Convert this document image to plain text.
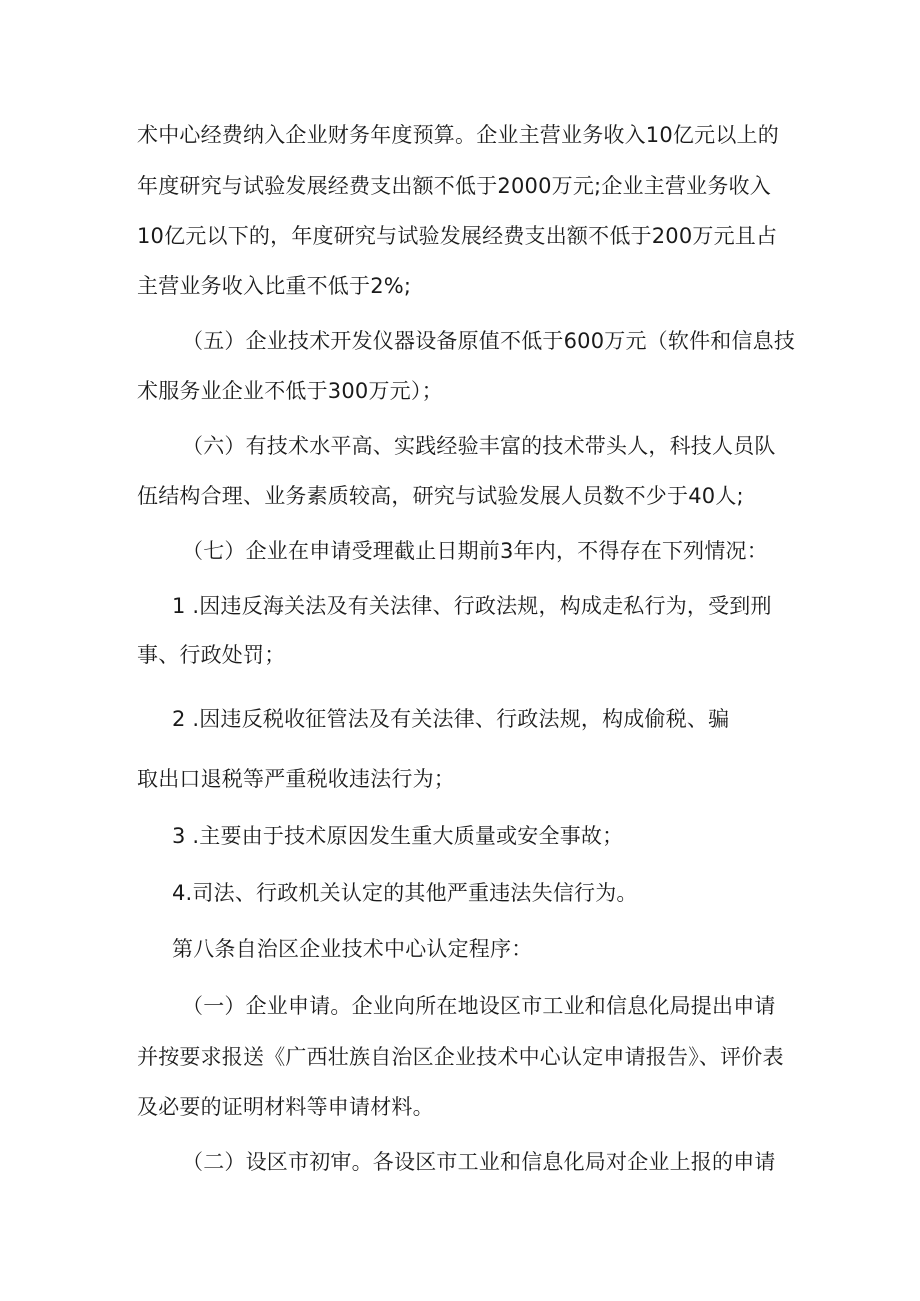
术中心经费纳入企业财务年度预算。企业主营业务收入10亿元以上的
年度研究与试验发展经费支出额不低于2000万元;企业主营业务收入
10亿元以下的，年度研究与试验发展经费支出额不低于200万元且占
主营业务收入比重不低于2%;
（五）企业技术开发仪器设备原值不低于600万元（软件和信息技
术服务业企业不低于300万元）；
（六）有技术水平高、实践经验丰富的技术带头人，科技人员队
伍结构合理、业务素质较高，研究与试验发展人员数不少于40人;
（七）企业在申请受理截止日期前3年内，不得存在下列情况：
1 .因违反海关法及有关法律、行政法规，构成走私行为，受到刑
事、行政处罚；
2 .因违反税收征管法及有关法律、行政法规，构成偷税、骗
取出口退税等严重税收违法行为；
3 .主要由于技术原因发生重大质量或安全事故；
4.司法、行政机关认定的其他严重违法失信行为。
第八条自治区企业技术中心认定程序：
（一）企业申请。企业向所在地设区市工业和信息化局提出申请
并按要求报送《广西壮族自治区企业技术中心认定申请报告》、评价表
及必要的证明材料等申请材料。
（二）设区市初审。各设区市工业和信息化局对企业上报的申请
